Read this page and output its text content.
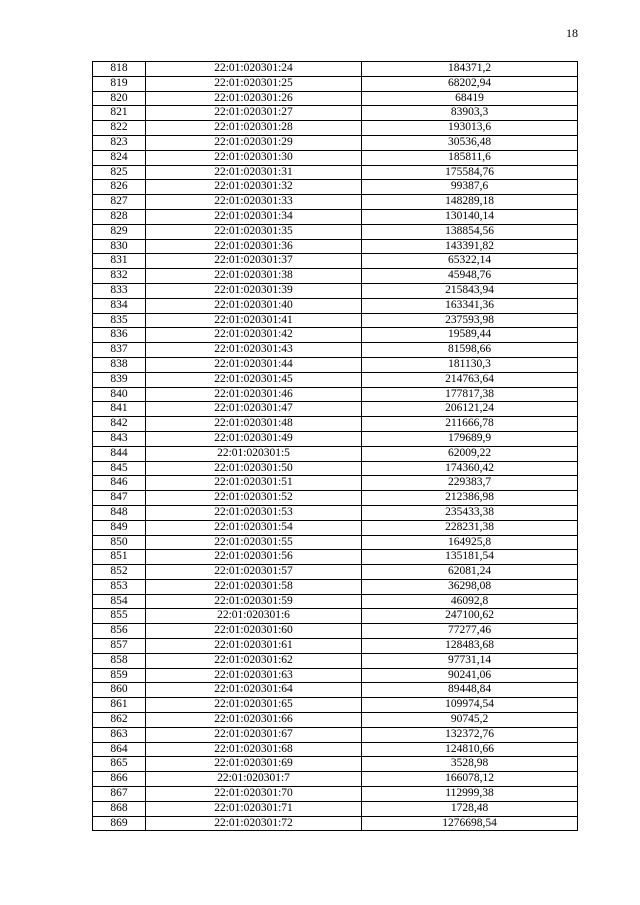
18
818	22:01:020301:24	184371,2
819	22:01:020301:25	68202,94
820	22:01:020301:26	68419
821	22:01:020301:27	83903,3
822	22:01:020301:28	193013,6
823	22:01:020301:29	30536,48
824	22:01:020301:30	185811,6
825	22:01:020301:31	175584,76
826	22:01:020301:32	99387,6
827	22:01:020301:33	148289,18
828	22:01:020301:34	130140,14
829	22:01:020301:35	138854,56
830	22:01:020301:36	143391,82
831	22:01:020301:37	65322,14
832	22:01:020301:38	45948,76
833	22:01:020301:39	215843,94
834	22:01:020301:40	163341,36
835	22:01:020301:41	237593,98
836	22:01:020301:42	19589,44
837	22:01:020301:43	81598,66
838	22:01:020301:44	181130,3
839	22:01:020301:45	214763,64
840	22:01:020301:46	177817,38
841	22:01:020301:47	206121,24
842	22:01:020301:48	211666,78
843	22:01:020301:49	179689,9
844	22:01:020301:5	62009,22
845	22:01:020301:50	174360,42
846	22:01:020301:51	229383,7
847	22:01:020301:52	212386,98
848	22:01:020301:53	235433,38
849	22:01:020301:54	228231,38
850	22:01:020301:55	164925,8
851	22:01:020301:56	135181,54
852	22:01:020301:57	62081,24
853	22:01:020301:58	36298,08
854	22:01:020301:59	46092,8
855	22:01:020301:6	247100,62
856	22:01:020301:60	77277,46
857	22:01:020301:61	128483,68
858	22:01:020301:62	97731,14
859	22:01:020301:63	90241,06
860	22:01:020301:64	89448,84
861	22:01:020301:65	109974,54
862	22:01:020301:66	90745,2
863	22:01:020301:67	132372,76
864	22:01:020301:68	124810,66
865	22:01:020301:69	3528,98
866	22:01:020301:7	166078,12
867	22:01:020301:70	112999,38
868	22:01:020301:71	1728,48
869	22:01:020301:72	1276698,54
